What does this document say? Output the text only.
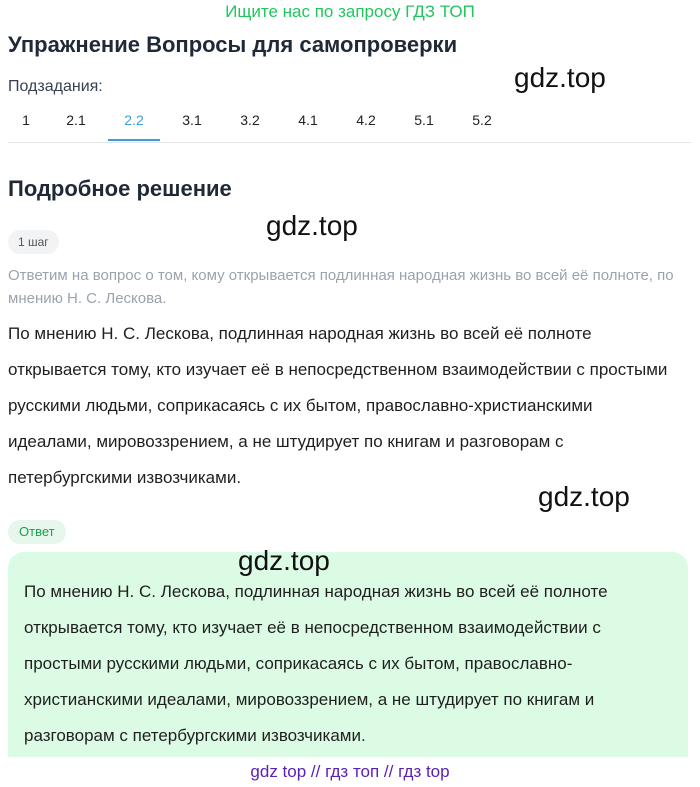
Ищите нас по запросу ГДЗ ТОП
Упражнение Вопросы для самопроверки
Подзадания:
1	2.1	2.2	3.1	3.2	4.1	4.2	5.1	5.2
Подробное решение
1 шаг
Ответим на вопрос о том, кому открывается подлинная народная жизнь во всей её полноте, по мнению Н. С. Лескова.
По мнению Н. С. Лескова, подлинная народная жизнь во всей её полноте открывается тому, кто изучает её в непосредственном взаимодействии с простыми русскими людьми, соприкасаясь с их бытом, православно-христианскими идеалами, мировоззрением, а не штудирует по книгам и разговорам с петербургскими извозчиками.
Ответ
По мнению Н. С. Лескова, подлинная народная жизнь во всей её полноте открывается тому, кто изучает её в непосредственном взаимодействии с простыми русскими людьми, соприкасаясь с их бытом, православно-христианскими идеалами, мировоззрением, а не штудирует по книгам и разговорам с петербургскими извозчиками.
gdz.top
gdz.top
gdz.top
gdz.top
gdz top // гдз топ // гдз top
